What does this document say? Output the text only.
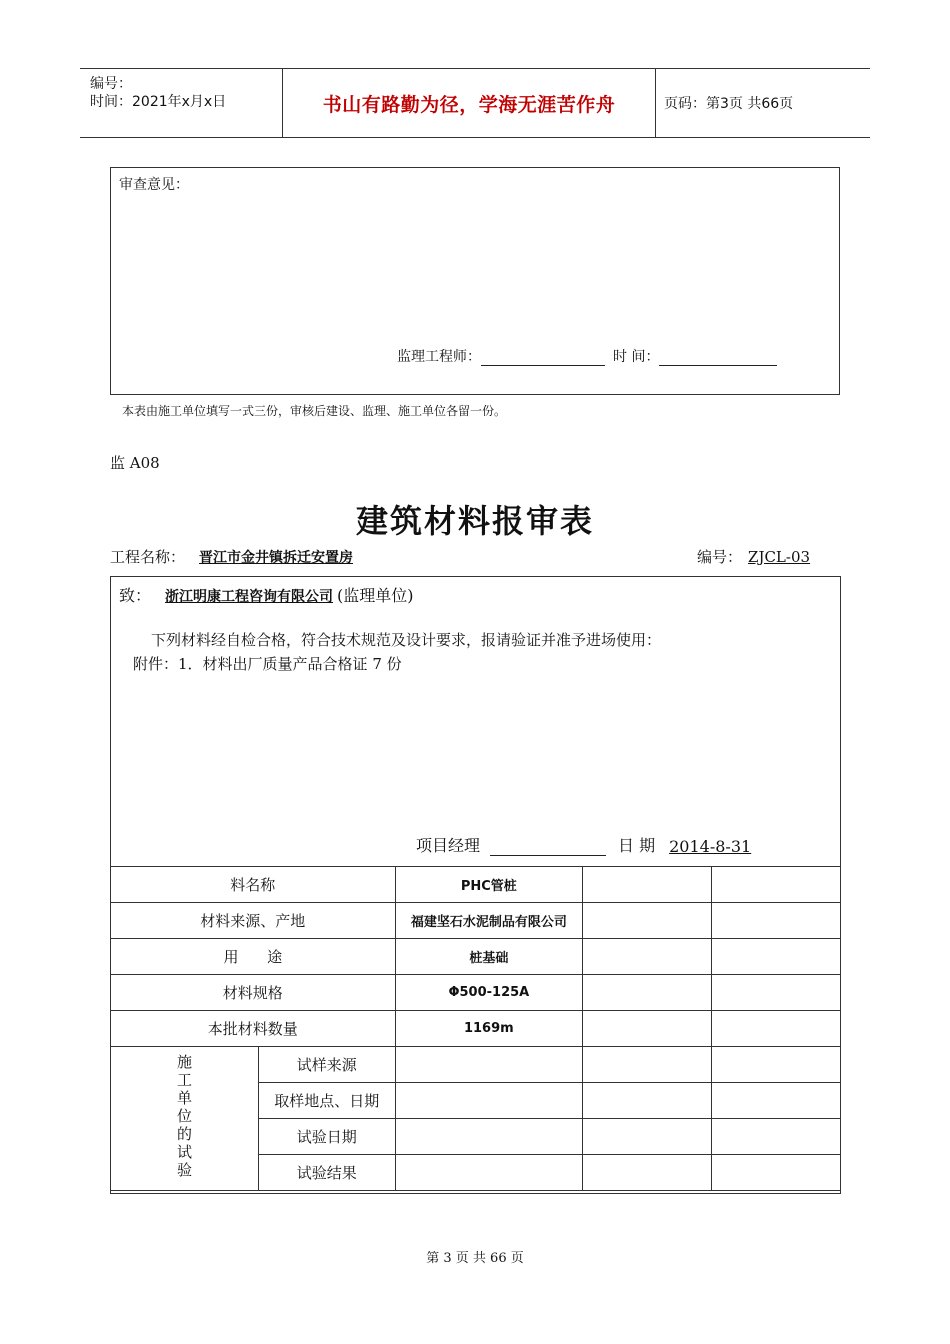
编号：
时间：2021年x月x日	书山有路勤为径，学海无涯苦作舟	页码：第3页 共66页
审查意见：
监理工程师：	时 间：
本表由施工单位填写一式三份，审核后建设、监理、施工单位各留一份。
监 A08
建筑材料报审表
工程名称： 晋江市金井镇拆迁安置房	编号： ZJCL-03
致： 浙江明康工程咨询有限公司 (监理单位)
下列材料经自检合格，符合技术规范及设计要求，报请验证并准予进场使用：
附件：1．材料出厂质量产品合格证 7 份
项目经理	日 期 2014-8-31
料名称		PHC管桩		
材料来源、产地		福建坚石水泥制品有限公司		
用      途		桩基础		
材料规格		Φ500-125A		
本批材料数量		1169m		
施工单位的试验	试样来源			
	取样地点、日期			
	试验日期			
	试验结果			
第 3 页 共 66 页
